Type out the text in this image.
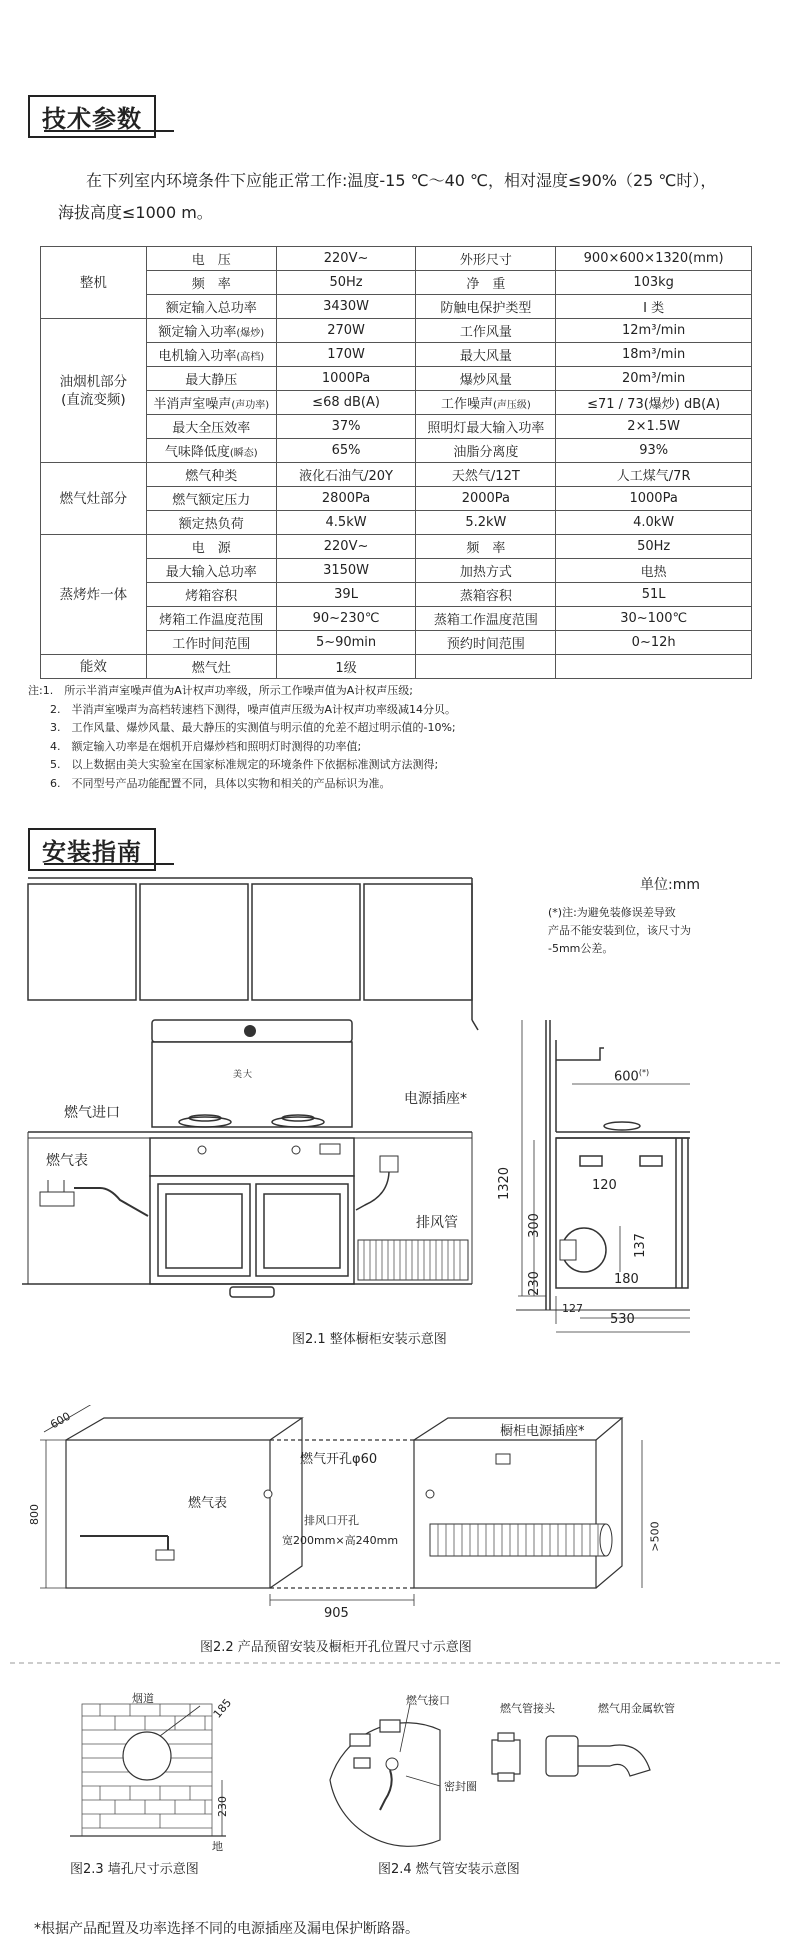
技术参数
在下列室内环境条件下应能正常工作:温度-15 ℃～40 ℃，相对湿度≤90%（25 ℃时），
海拔高度≤1000 m。
整机	电　压	220V~	外形尺寸	900×600×1320(mm)
	频　率	50Hz	净　重	103kg
	额定输入总功率	3430W	防触电保护类型	I 类

油烟机部分
(直流变频)	额定输入功率(爆炒)	270W	工作风量	12m³/min
	电机输入功率(高档)	170W	最大风量	18m³/min
	最大静压	1000Pa	爆炒风量	20m³/min
	半消声室噪声(声功率)	≤68 dB(A)	工作噪声(声压级)	≤71 / 73(爆炒) dB(A)
	最大全压效率	37%	照明灯最大输入功率	2×1.5W
	气味降低度(瞬态)	65%	油脂分离度	93%
燃气灶部分	燃气种类	液化石油气/20Y	天然气/12T	人工煤气/7R
	燃气额定压力	2800Pa	2000Pa	1000Pa
	额定热负荷	4.5kW	5.2kW	4.0kW
蒸烤炸一体	电　源	220V~	频　率	50Hz
	最大输入总功率	3150W	加热方式	电热
	烤箱容积	39L	蒸箱容积	51L
	烤箱工作温度范围	90~230℃	蒸箱工作温度范围	30~100℃
	工作时间范围	5~90min	预约时间范围	0~12h
能效	燃气灶	1级		
注:1.　所示半消声室噪声值为A计权声功率级，所示工作噪声值为A计权声压级;
　　2.　半消声室噪声为高档转速档下测得，噪声值声压级为A计权声功率级减14分贝。
　　3.　工作风量、爆炒风量、最大静压的实测值与明示值的允差不超过明示值的-10%;
　　4.　额定输入功率是在烟机开启爆炒档和照明灯时测得的功率值;
　　5.　以上数据由美大实验室在国家标准规定的环境条件下依据标准测试方法测得;
　　6.　不同型号产品功能配置不同，具体以实物和相关的产品标识为准。
安装指南
单位:mm
(*)注:为避免装修误差导致
产品不能安装到位，该尺寸为
-5mm公差。
美大
燃气进口
燃气表
电源插座*
排风管
600(*)
1320	120
300
137
230	180
127
530
图2.1 整体橱柜安装示意图
600
800
燃气开孔φ60
燃气表
排风口开孔
宽200mm×高240mm
橱柜电源插座*
>500
905
图2.2 产品预留安装及橱柜开孔位置尺寸示意图
烟道	185
230
地
图2.3 墙孔尺寸示意图
燃气接口
燃气管接头	燃气用金属软管
密封圈
图2.4 燃气管安装示意图
*根据产品配置及功率选择不同的电源插座及漏电保护断路器。
